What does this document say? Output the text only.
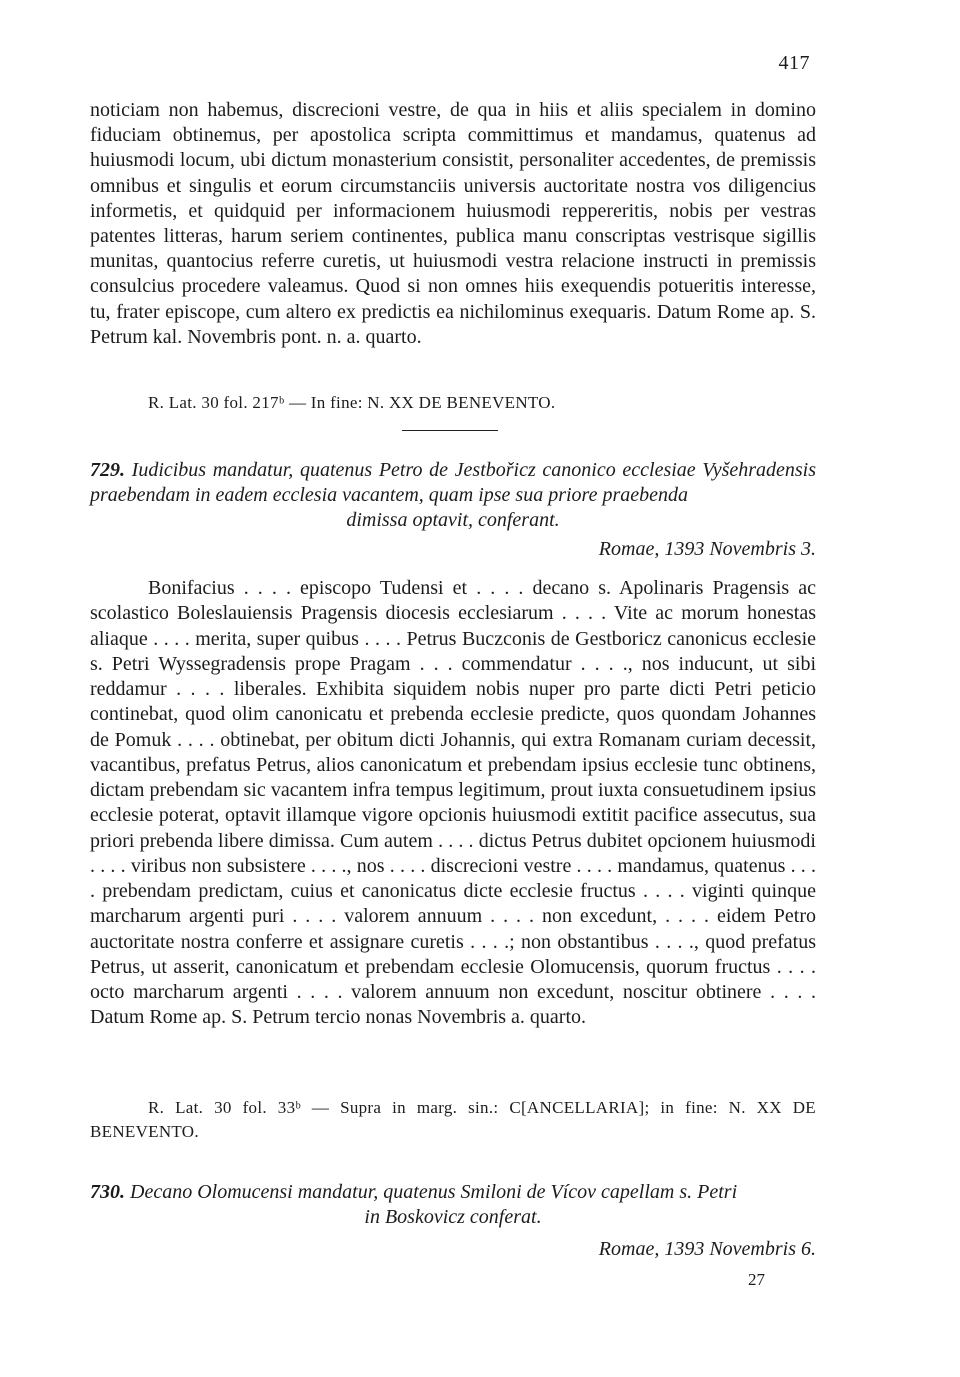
417
noticiam non habemus, discrecioni vestre, de qua in hiis et aliis specialem in domino fiduciam obtinemus, per apostolica scripta committimus et mandamus, quatenus ad huiusmodi locum, ubi dictum monasterium consistit, personaliter accedentes, de premissis omnibus et singulis et eorum circumstanciis universis auctoritate nostra vos diligencius informetis, et quidquid per informacionem huiusmodi reppereritis, nobis per vestras patentes litteras, harum seriem continentes, publica manu conscriptas vestrisque sigillis munitas, quantocius referre curetis, ut huiusmodi vestra relacione instructi in premissis consulcius procedere valeamus. Quod si non omnes hiis exequendis potueritis interesse, tu, frater episcope, cum altero ex predictis ea nichilominus exequaris. Datum Rome ap. S. Petrum kal. Novembris pont. n. a. quarto.
R. Lat. 30 fol. 217ᵇ — In fine: N. XX DE BENEVENTO.
729. Iudicibus mandatur, quatenus Petro de Jestbořicz canonico ecclesiae Vyšehradensis praebendam in eadem ecclesia vacantem, quam ipse sua priore praebenda
dimissa optavit, conferant.
Romae, 1393 Novembris 3.
Bonifacius . . . . episcopo Tudensi et . . . . decano s. Apolinaris Pragensis ac scolastico Boleslauiensis Pragensis diocesis ecclesiarum . . . . Vite ac morum honestas aliaque . . . . merita, super quibus . . . . Petrus Buczconis de Gestboricz canonicus ecclesie s. Petri Wyssegradensis prope Pragam . . . commendatur . . . ., nos inducunt, ut sibi reddamur . . . . liberales. Exhibita siquidem nobis nuper pro parte dicti Petri peticio continebat, quod olim canonicatu et prebenda ecclesie predicte, quos quondam Johannes de Pomuk . . . . obtinebat, per obitum dicti Johannis, qui extra Romanam curiam decessit, vacantibus, prefatus Petrus, alios canonicatum et prebendam ipsius ecclesie tunc obtinens, dictam prebendam sic vacantem infra tempus legitimum, prout iuxta consuetudinem ipsius ecclesie poterat, optavit illamque vigore opcionis huiusmodi extitit pacifice assecutus, sua priori prebenda libere dimissa. Cum autem . . . . dictus Petrus dubitet opcionem huiusmodi . . . . viribus non subsistere . . . ., nos . . . . discrecioni vestre . . . . mandamus, quatenus . . . . prebendam predictam, cuius et canonicatus dicte ecclesie fructus . . . . viginti quinque marcharum argenti puri . . . . valorem annuum . . . . non excedunt, . . . . eidem Petro auctoritate nostra conferre et assignare curetis . . . .; non obstantibus . . . ., quod prefatus Petrus, ut asserit, canonicatum et prebendam ecclesie Olomucensis, quorum fructus . . . . octo marcharum argenti . . . . valorem annuum non excedunt, noscitur obtinere . . . . Datum Rome ap. S. Petrum tercio nonas Novembris a. quarto.
R. Lat. 30 fol. 33ᵇ — Supra in marg. sin.: C[ANCELLARIA]; in fine: N. XX DE BENEVENTO.
730. Decano Olomucensi mandatur, quatenus Smiloni de Vícov capellam s. Petri
in Boskovicz conferat.
Romae, 1393 Novembris 6.
27
